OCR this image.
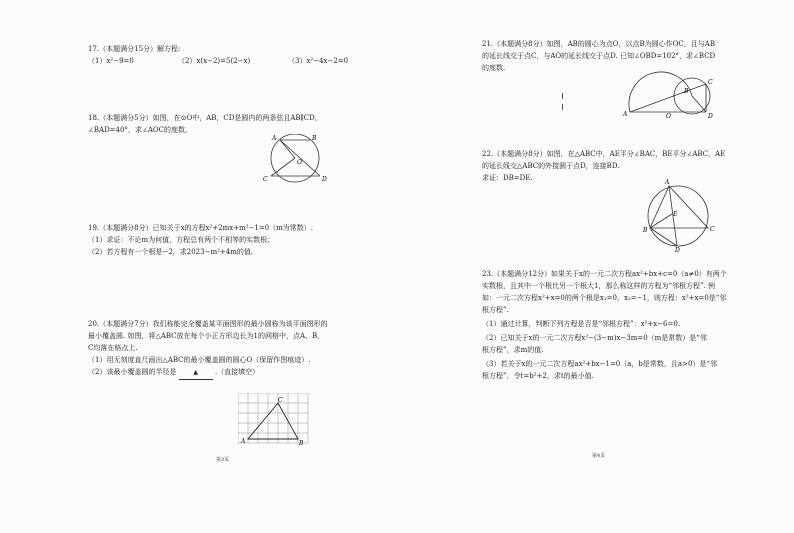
17.（本题满分15分）解方程:
（1）x²−9=0	（2）x(x−2)=5(2−x)	（3）x²−4x−2=0
18.（本题满分5分）如图，在⊙O中，AB，CD是圆内的两条弦且AB∥CD，
∠BAD=40°，求∠AOC的度数。
A	B
C	D
O
19.（本题满分8分）已知关于x的方程x²+2mx+m²−1=0（m为常数）.
（1）求证：不论m为何值，方程总有两个不相等的实数根；
（2）若方程有一个根是−2，求2023−m²+4m的值.
20.（本题满分7分）我们称能完全覆盖某平面图形的最小圆称为该平面图形的
最小覆盖圆. 如图，将△ABC放在每个小正方形边长为1的网格中，点A、B、
C均落在格点上.
（1）用无刻度直尺画出△ABC的最小覆盖圆的圆心O（保留作图痕迹）.
（2）该最小覆盖圆的半径是	▲ .（直接填空）
A	B
C
第3页
21.（本题满分8分）如图，AB的圆心为点O，以点B为圆心作OC，且与AB
的延长线交于点C，与AO的延长线交于点D. 已知∠OBD=102°，求∠BCD
的度数.
A	O	D
B
C
22.（本题满分8分）如图，在△ABC中，AE平分∠BAC，BE平分∠ABC，AE
的延长线交△ABC的外接圆于点D，连接BD.
求证：DB=DE.
A
B	C
D
E
23.（本题满分12分）如果关于x的一元二次方程ax²+bx+c=0（a≠0）有两个
实数根，且其中一个根比另一个根大1，那么称这样的方程为“邻根方程”. 例
如：一元二次方程x²+x=0的两个根是x₁=0，x₂=−1，则方程：x²+x=0是“邻
根方程”.
（1）通过计算，判断下列方程是否是“邻根方程”：x²+x−6=0.
（2）已知关于x的一元二次方程x²−(3−m)x−3m=0（m是常数）是“邻
根方程”，求m的值.
（3）若关于x的一元二次方程ax²+bx−1=0（a，b是常数，且a>0）是“邻
根方程”，令t=b²+2，求t的最小值.
第4页
